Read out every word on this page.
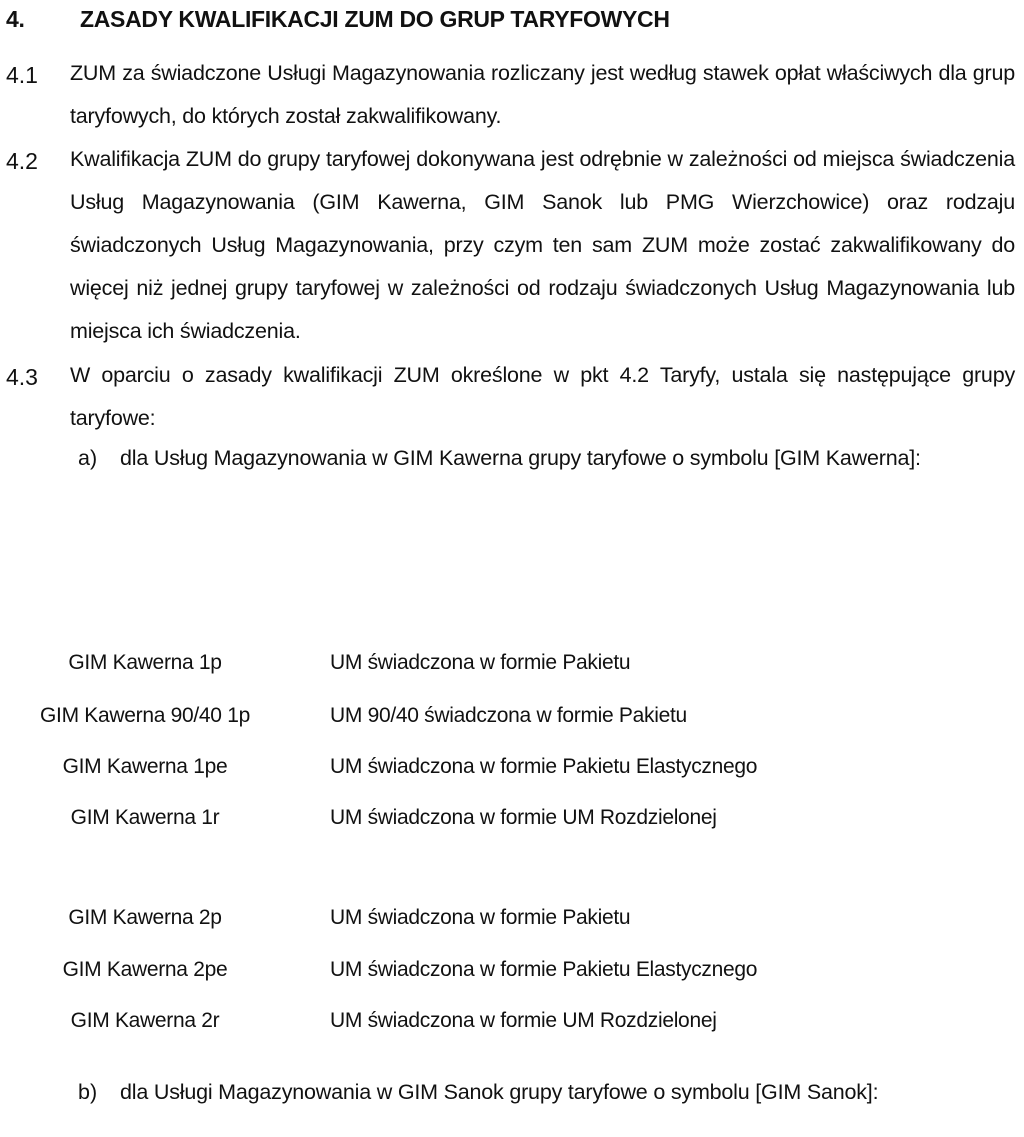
4. ZASADY KWALIFIKACJI ZUM DO GRUP TARYFOWYCH
4.1 ZUM za świadczone Usługi Magazynowania rozliczany jest według stawek opłat właściwych dla grup taryfowych, do których został zakwalifikowany.
4.2 Kwalifikacja ZUM do grupy taryfowej dokonywana jest odrębnie w zależności od miejsca świadczenia Usług Magazynowania (GIM Kawerna, GIM Sanok lub PMG Wierzchowice) oraz rodzaju świadczonych Usług Magazynowania, przy czym ten sam ZUM może zostać zakwalifikowany do więcej niż jednej grupy taryfowej w zależności od rodzaju świadczonych Usług Magazynowania lub miejsca ich świadczenia.
4.3 W oparciu o zasady kwalifikacji ZUM określone w pkt 4.2 Taryfy, ustala się następujące grupy taryfowe:
a) dla Usług Magazynowania w GIM Kawerna grupy taryfowe o symbolu [GIM Kawerna]:
GIM Kawerna 1p	UM świadczona w formie Pakietu
GIM Kawerna 90/40 1p	UM 90/40 świadczona w formie Pakietu
GIM Kawerna 1pe	UM świadczona w formie Pakietu Elastycznego
GIM Kawerna 1r	UM świadczona w formie UM Rozdzielonej
GIM Kawerna 2p	UM świadczona w formie Pakietu
GIM Kawerna 2pe	UM świadczona w formie Pakietu Elastycznego
GIM Kawerna 2r	UM świadczona w formie UM Rozdzielonej
b) dla Usługi Magazynowania w GIM Sanok grupy taryfowe o symbolu [GIM Sanok]:
